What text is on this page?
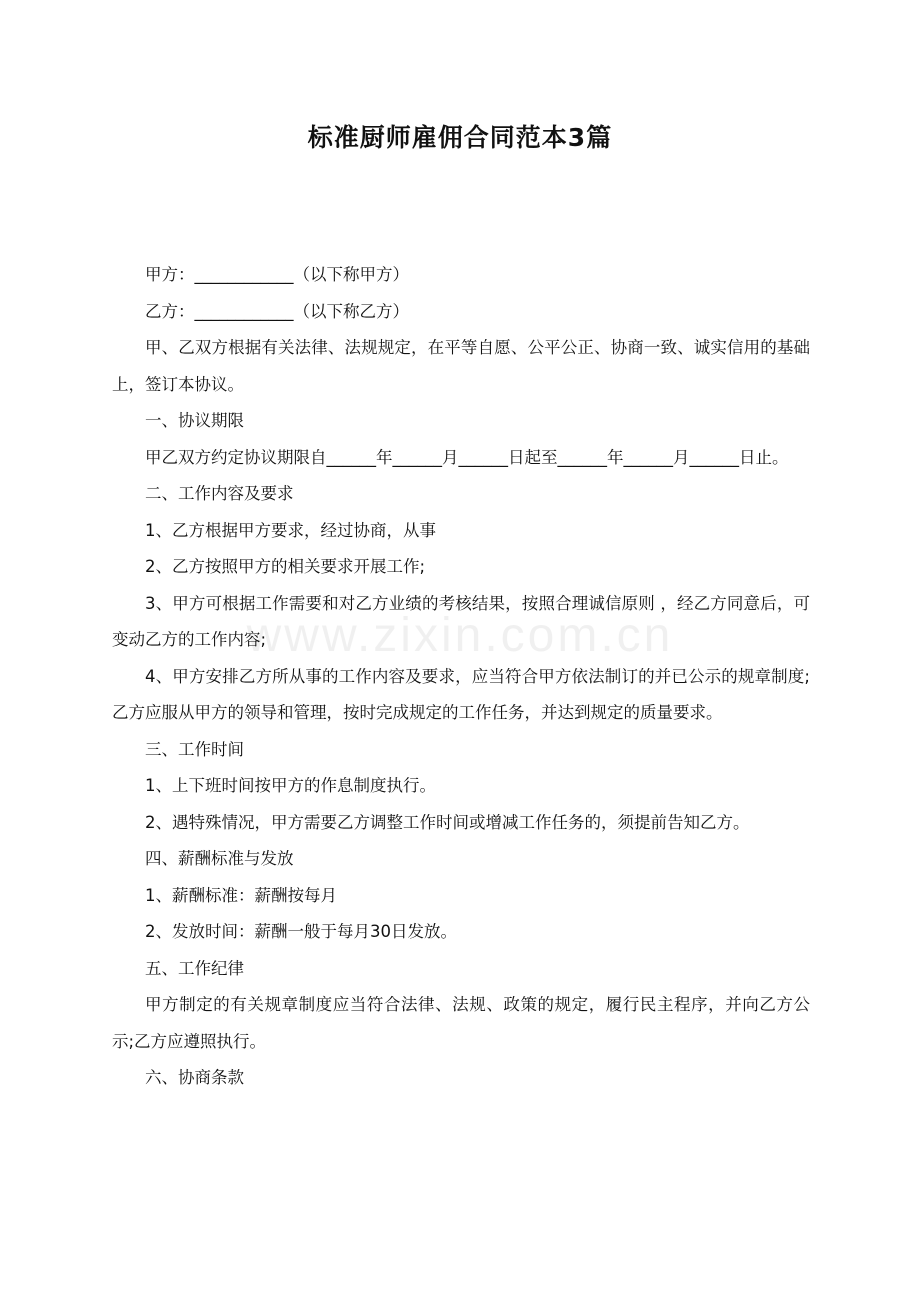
标准厨师雇佣合同范本3篇
www.zixin.com.cn

甲方：____________（以下称甲方）

乙方：____________（以下称乙方）

甲、乙双方根据有关法律、法规规定，在平等自愿、公平公正、协商一致、诚实信用的基础上，签订本协议。

一、协议期限

甲乙双方约定协议期限自______年______月______日起至______年______月______日止。

二、工作内容及要求

1、乙方根据甲方要求，经过协商，从事

2、乙方按照甲方的相关要求开展工作;

3、甲方可根据工作需要和对乙方业绩的考核结果，按照合理诚信原则 ，经乙方同意后，可变动乙方的工作内容;

4、甲方安排乙方所从事的工作内容及要求，应当符合甲方依法制订的并已公示的规章制度;乙方应服从甲方的领导和管理，按时完成规定的工作任务，并达到规定的质量要求。

三、工作时间

1、上下班时间按甲方的作息制度执行。

2、遇特殊情况，甲方需要乙方调整工作时间或增减工作任务的，须提前告知乙方。

四、薪酬标准与发放

1、薪酬标准：薪酬按每月

2、发放时间：薪酬一般于每月30日发放。

五、工作纪律

甲方制定的有关规章制度应当符合法律、法规、政策的规定，履行民主程序，并向乙方公示;乙方应遵照执行。

六、协商条款
